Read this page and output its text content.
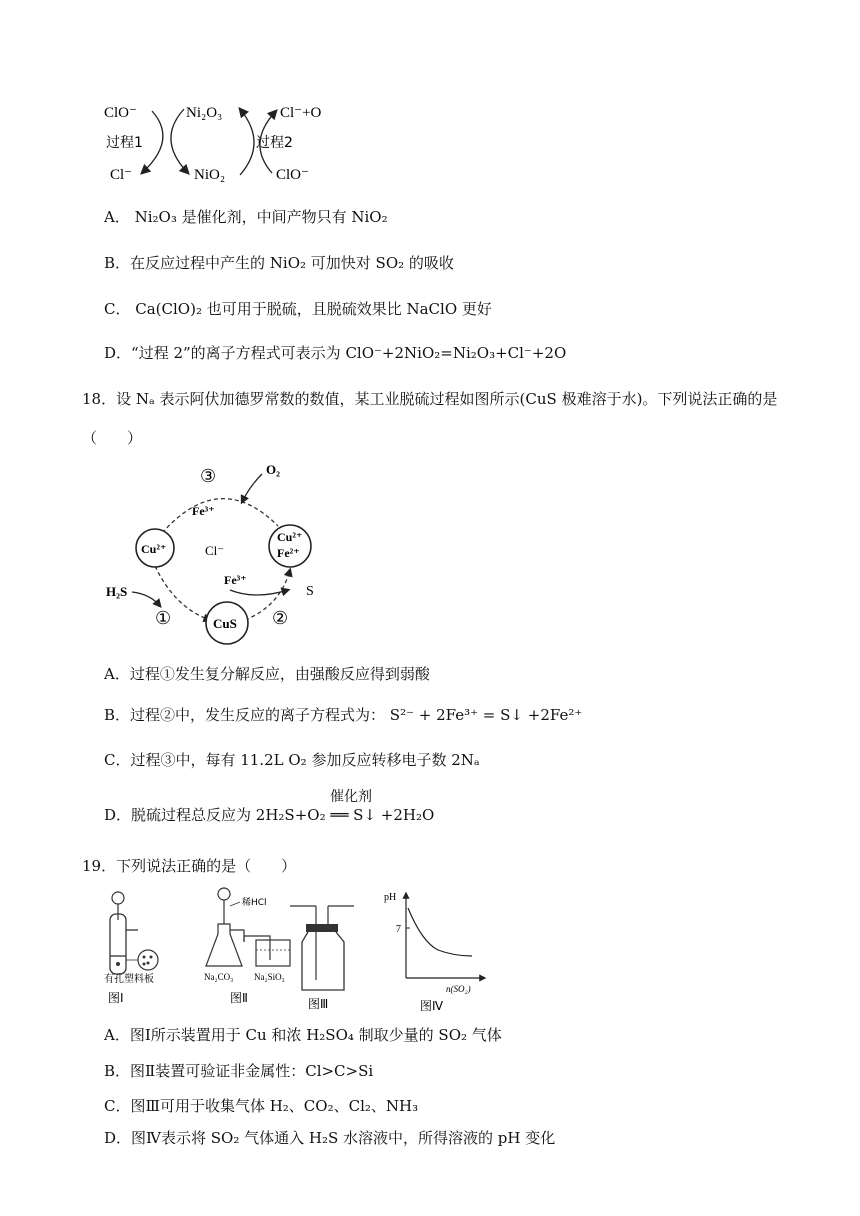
ClO⁻	Ni₂O₃	Cl⁻+O
过程1	过程2
Cl⁻	NiO₂	ClO⁻
A． Ni₂O₃ 是催化剂，中间产物只有 NiO₂
B．在反应过程中产生的 NiO₂ 可加快对 SO₂ 的吸收
C． Ca(ClO)₂ 也可用于脱硫，且脱硫效果比 NaClO 更好
D．“过程 2”的离子方程式可表示为 ClO⁻+2NiO₂=Ni₂O₃+Cl⁻+2O
18．设 Nₐ 表示阿伏加德罗常数的数值，某工业脱硫过程如图所示(CuS 极难溶于水)。下列说法正确的是
（　　）
③	O₂
Fe³⁺
Cu²⁺	Cl⁻
Cu²⁺
Fe²⁺
Fe³⁺
S
H₂S
①	CuS ②
A．过程①发生复分解反应，由强酸反应得到弱酸
B．过程②中，发生反应的离子方程式为： S²⁻ + 2Fe³⁺ = S↓ +2Fe²⁺
C．过程③中，每有 11.2L O₂ 参加反应转移电子数 2Nₐ
催化剂
D．脱硫过程总反应为 2H₂S+O₂ ══ S↓ +2H₂O
19．下列说法正确的是（　　）
有孔塑料板
图Ⅰ
稀HCl
Na₂CO₃ Na₂SiO₃
图Ⅱ	图Ⅲ
pH
7
n(SO₂)
图Ⅳ
A．图Ⅰ所示装置用于 Cu 和浓 H₂SO₄ 制取少量的 SO₂ 气体
B．图Ⅱ装置可验证非金属性：Cl>C>Si
C．图Ⅲ可用于收集气体 H₂、CO₂、Cl₂、NH₃
D．图Ⅳ表示将 SO₂ 气体通入 H₂S 水溶液中，所得溶液的 pH 变化
